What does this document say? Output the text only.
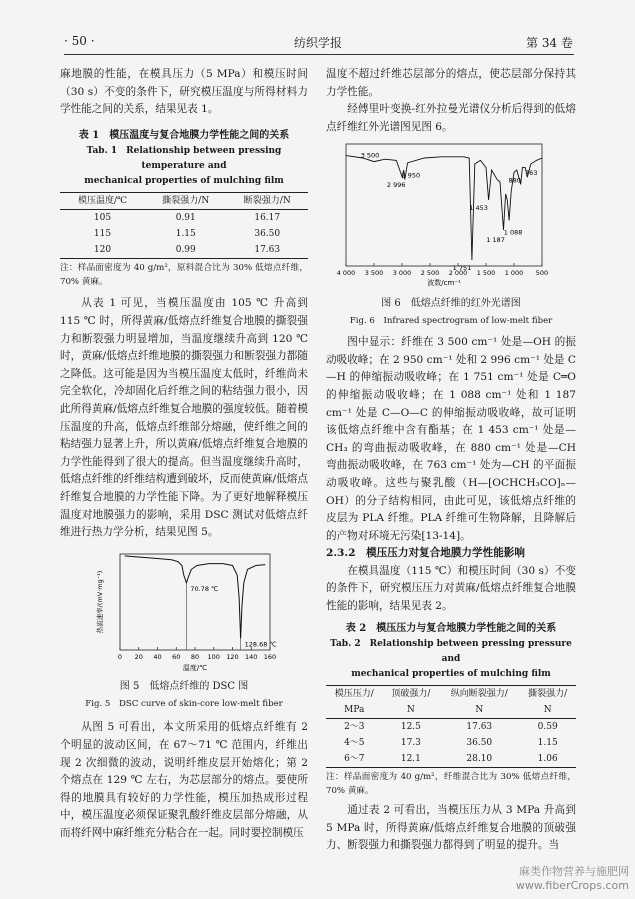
· 50 ·	纺织学报	第 34 卷

麻地膜的性能，在模具压力（5 MPa）和模压时间（30 s）不变的条件下，研究模压温度与所得材料力学性能之间的关系，结果见表 1。

表 1　模压温度与复合地膜力学性能之间的关系
Tab. 1　Relationship between pressing temperature and
mechanical properties of mulching film
模压温度/℃	撕裂强力/N	断裂强力/N
105	0.91	16.17
115	1.15	36.50
120	0.99	17.63
注：样品面密度为 40 g/m²，原料混合比为 30% 低熔点纤维，70% 黄麻。

从表 1 可见，当模压温度由 105 ℃ 升高到 115 ℃ 时，所得黄麻/低熔点纤维复合地膜的撕裂强力和断裂强力明显增加，当温度继续升高到 120 ℃ 时，黄麻/低熔点纤维地膜的撕裂强力和断裂强力都随之降低。这可能是因为当模压温度太低时，纤维尚未完全软化，冷却固化后纤维之间的粘结强力很小，因此所得黄麻/低熔点纤维复合地膜的强度较低。随着模压温度的升高，低熔点纤维部分熔融，使纤维之间的粘结强力显著上升，所以黄麻/低熔点纤维复合地膜的力学性能得到了很大的提高。但当温度继续升高时，低熔点纤维的纤维结构遭到破坏，反而使黄麻/低熔点纤维复合地膜的力学性能下降。为了更好地解释模压温度对地膜强力的影响，采用 DSC 测试对低熔点纤维进行热力学分析，结果见图 5。

热流速率/(mV·mg⁻¹)
温度/℃
0 20 40 60 80 100 120 140 160
70.78 ℃
128.68 ℃
图 5　低熔点纤维的 DSC 图
Fig. 5　DSC curve of skin-core low-melt fiber

从图 5 可看出，本文所采用的低熔点纤维有 2 个明显的波动区间，在 67～71 ℃ 范围内，纤维出现 2 次细微的波动，说明纤维皮层开始熔化；第 2 个熔点在 129 ℃ 左右，为芯层部分的熔点。要使所得的地膜具有较好的力学性能，模压加热成形过程中，模压温度必须保证聚乳酸纤维皮层部分熔融，从而将纤网中麻纤维充分粘合在一起。同时要控制模压

温度不超过纤维芯层部分的熔点，使芯层部分保持其力学性能。

经傅里叶变换-红外拉曼光谱仪分析后得到的低熔点纤维红外光谱图见图 6。

4 000 3 500 3 000 2 500 2 000 1 500 1 000 500
3 500
2 996
2 950
1 751
1 453
1 187
1 088
880
763
波数/cm⁻¹
图 6　低熔点纤维的红外光谱图
Fig. 6　Infrared spectrogram of low-melt fiber

图中显示：纤维在 3 500 cm⁻¹ 处是—OH 的振动吸收峰；在 2 950 cm⁻¹ 处和 2 996 cm⁻¹ 处是 C—H 的伸缩振动吸收峰；在 1 751 cm⁻¹ 处是 C═O 的伸缩振动吸收峰；在 1 088 cm⁻¹ 处和 1 187 cm⁻¹ 处是 C—O—C 的伸缩振动吸收峰，故可证明该低熔点纤维中含有酯基；在 1 453 cm⁻¹ 处是—CH₃ 的弯曲振动吸收峰，在 880 cm⁻¹ 处是—CH 弯曲振动吸收峰，在 763 cm⁻¹ 处为—CH 的平面振动吸收峰。这些与聚乳酸（H—[OCHCH₃CO]ₙ—OH）的分子结构相同，由此可见，该低熔点纤维的皮层为 PLA 纤维。PLA 纤维可生物降解，且降解后的产物对环境无污染[13-14]。

2.3.2　模压压力对复合地膜力学性能影响

在模具温度（115 ℃）和模压时间（30 s）不变的条件下，研究模压压力对黄麻/低熔点纤维复合地膜性能的影响，结果见表 2。

表 2　模压压力与复合地膜力学性能之间的关系
Tab. 2　Relationship between pressing pressure and
mechanical properties of mulching film
模压压力/	顶破强力/	纵向断裂强力/	撕裂强力/
MPa	N	N	N
2～3	12.5	17.63	0.59
4～5	17.3	36.50	1.15
6～7	12.1	28.10	1.06
注：样品面密度为 40 g/m²，纤维混合比为 30% 低熔点纤维，70% 黄麻。

通过表 2 可看出，当模压压力从 3 MPa 升高到 5 MPa 时，所得黄麻/低熔点纤维复合地膜的顶破强力、断裂强力和撕裂强力都得到了明显的提升。当

麻类作物营养与施肥网
www.fiberCrops.com
